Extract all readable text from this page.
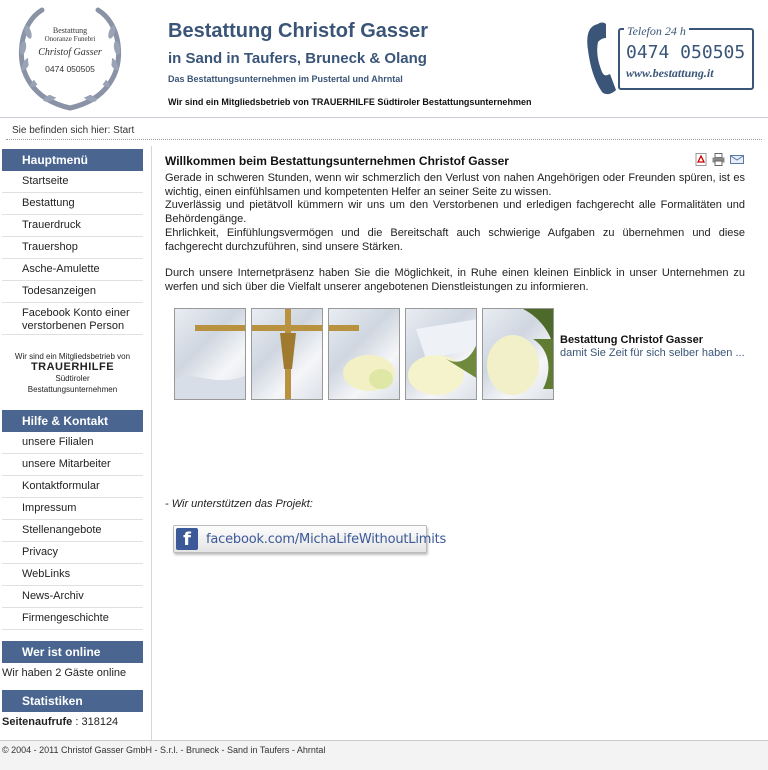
Bestattung
Onoranze Funebri
Christof Gasser
0474 050505
Bestattung Christof Gasser
in Sand in Taufers, Bruneck & Olang
Das Bestattungsunternehmen im Pustertal und Ahrntal
Wir sind ein Mitgliedsbetrieb von TRAUERHILFE Südtiroler Bestattungsunternehmen
Telefon 24 h
0474 050505
www.bestattung.it
Sie befinden sich hier: Start
Hauptmenü
Startseite
Bestattung
Trauerdruck
Trauershop
Asche-Amulette
Todesanzeigen
Facebook Konto einer verstorbenen Person
Wir sind ein Mitgliedsbetrieb von
TRAUERHILFE
Südtiroler
Bestattungsunternehmen
Hilfe & Kontakt
unsere Filialen
unsere Mitarbeiter
Kontaktformular
Impressum
Stellenangebote
Privacy
WebLinks
News-Archiv
Firmengeschichte
Wer ist online
Wir haben 2 Gäste online
Statistiken
Seitenaufrufe : 318124
Willkommen beim Bestattungsunternehmen Christof Gasser
Gerade in schweren Stunden, wenn wir schmerzlich den Verlust von nahen Angehörigen oder Freunden spüren, ist es wichtig, einen einfühlsamen und kompetenten Helfer an seiner Seite zu wissen.
Zuverlässig und pietätvoll kümmern wir uns um den Verstorbenen und erledigen fachgerecht alle Formalitäten und Behördengänge.
Ehrlichkeit, Einfühlungsvermögen und die Bereitschaft auch schwierige Aufgaben zu übernehmen und diese fachgerecht durchzuführen, sind unsere Stärken.
Durch unsere Internetpräsenz haben Sie die Möglichkeit, in Ruhe einen kleinen Einblick in unser Unternehmen zu werfen und sich über die Vielfalt unserer angebotenen Dienstleistungen zu informieren.
Bestattung Christof Gasser
damit Sie Zeit für sich selber haben ...
- Wir unterstützen das Projekt:
f	facebook.com/MichaLifeWithoutLimits
© 2004 - 2011 Christof Gasser GmbH - S.r.l. - Bruneck - Sand in Taufers - Ahrntal
